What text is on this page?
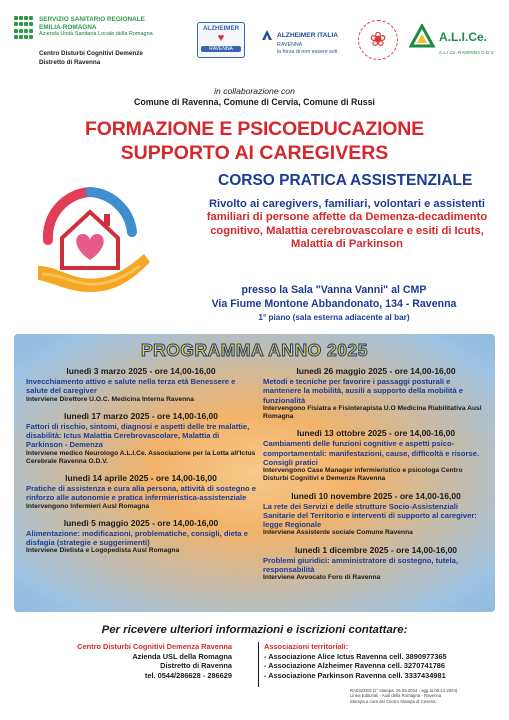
SERVIZIO SANITARIO REGIONALE
EMILIA-ROMAGNA
Azienda Unità Sanitaria Locale della Romagna
Centro Disturbi Cognitivi Demenze
Distretto di Ravenna
ALZHEIMER
♥
RAVENNA
ALZHEIMER ITALIA
RAVENNA
la forza di non essere soli
❀	A.L.I.Ce.
A.L.I.Ce. RAVENNA O.D.V.
in collaborazione con
Comune di Ravenna, Comune di Cervia, Comune di Russi
FORMAZIONE E PSICOEDUCAZIONE
SUPPORTO AI CAREGIVERS
CORSO PRATICA ASSISTENZIALE
Rivolto ai caregivers, familiari, volontari e assistenti familiari di persone affette da Demenza-decadimento cognitivo, Malattia cerebrovascolare e esiti di Icuts, Malattia di Parkinson
presso la Sala "Vanna Vanni" al CMP
Via Fiume Montone Abbandonato, 134 - Ravenna
1° piano (sala esterna adiacente al bar)
PROGRAMMA ANNO 2025
lunedì 3 marzo 2025 - ore 14,00-16,00
Invecchiamento attivo e salute nella terza età Benessere e salute del caregiver
Interviene Direttore U.O.C. Medicina Interna Ravenna
lunedì 17 marzo 2025 - ore 14,00-16,00
Fattori di rischio, sintomi, diagnosi e aspetti delle tre malattie, disabilità: Ictus Malattia Cerebrovascolare, Malattia di Parkinson - Demenza
Interviene medico Neurologo A.L.I.Ce. Associazione per la Lotta all'Ictus Cerebrale Ravenna O.D.V.
lunedì 14 aprile 2025 - ore 14,00-16,00
Pratiche di assistenza e cura alla persona, attività di sostegno e rinforzo alle autonomie e pratica infermieristica-assistenziale
Intervengono Infermieri Ausl Romagna
lunedì 5 maggio 2025 - ore 14,00-16,00
Alimentazione: modificazioni, problematiche, consigli, dieta e disfagia (strategie e suggerimenti)
Interviene Dietista e Logopedista Ausl Romagna
lunedì 26 maggio 2025 - ore 14,00-16,00
Metodi e tecniche per favorire i passaggi posturali e mantenere la mobilità, ausili a supporto della mobilità e funzionalità
Intervengono Fisiatra e Fisioterapista U.O Medicina Riabilitativa Ausl Romagna
lunedì 13 ottobre 2025 - ore 14,00-16,00
Cambiamenti delle funzioni cognitive e aspetti psico-comportamentali: manifestazioni, cause, difficoltà e risorse. Consigli pratici
Intervengono Case Manager infermieristico e psicologa Centro Disturbi Cognitivi e Demenze Ravenna
lunedì 10 novembre 2025 - ore 14,00-16,00
La rete dei Servizi e delle strutture Socio-Assistenziali Sanitarie del Territorio e interventi di supporto al caregiver: legge Regionale
Interviene Assistente sociale Comune Ravenna
lunedì 1 dicembre 2025 - ore 14,00-16,00
Problemi giuridici: amministratore di sostegno, tutela, responsabilità
Interviene Avvocato Foro di Ravenna
Per ricevere ulteriori informazioni e iscrizioni contattare:
Centro Disturbi Cognitivi Demenza Ravenna
Azienda USL della Romagna
Distretto di Ravenna
tel. 0544/286628 - 286629
Associazioni territoriali:
- Associazione Alice Ictus Ravenna cell. 3890977365
- Associazione Alzheimer Ravenna cell. 3270741786
- Associazione Parkinson Ravenna cell. 3337434981
RA0322ED (1° stampa: 26.09.2024 - agg.to 09.12.2024)
Linea Editoriali - Ausl della Romagna - Ravenna
Stampa a cura del Centro Stampa di Cesena
